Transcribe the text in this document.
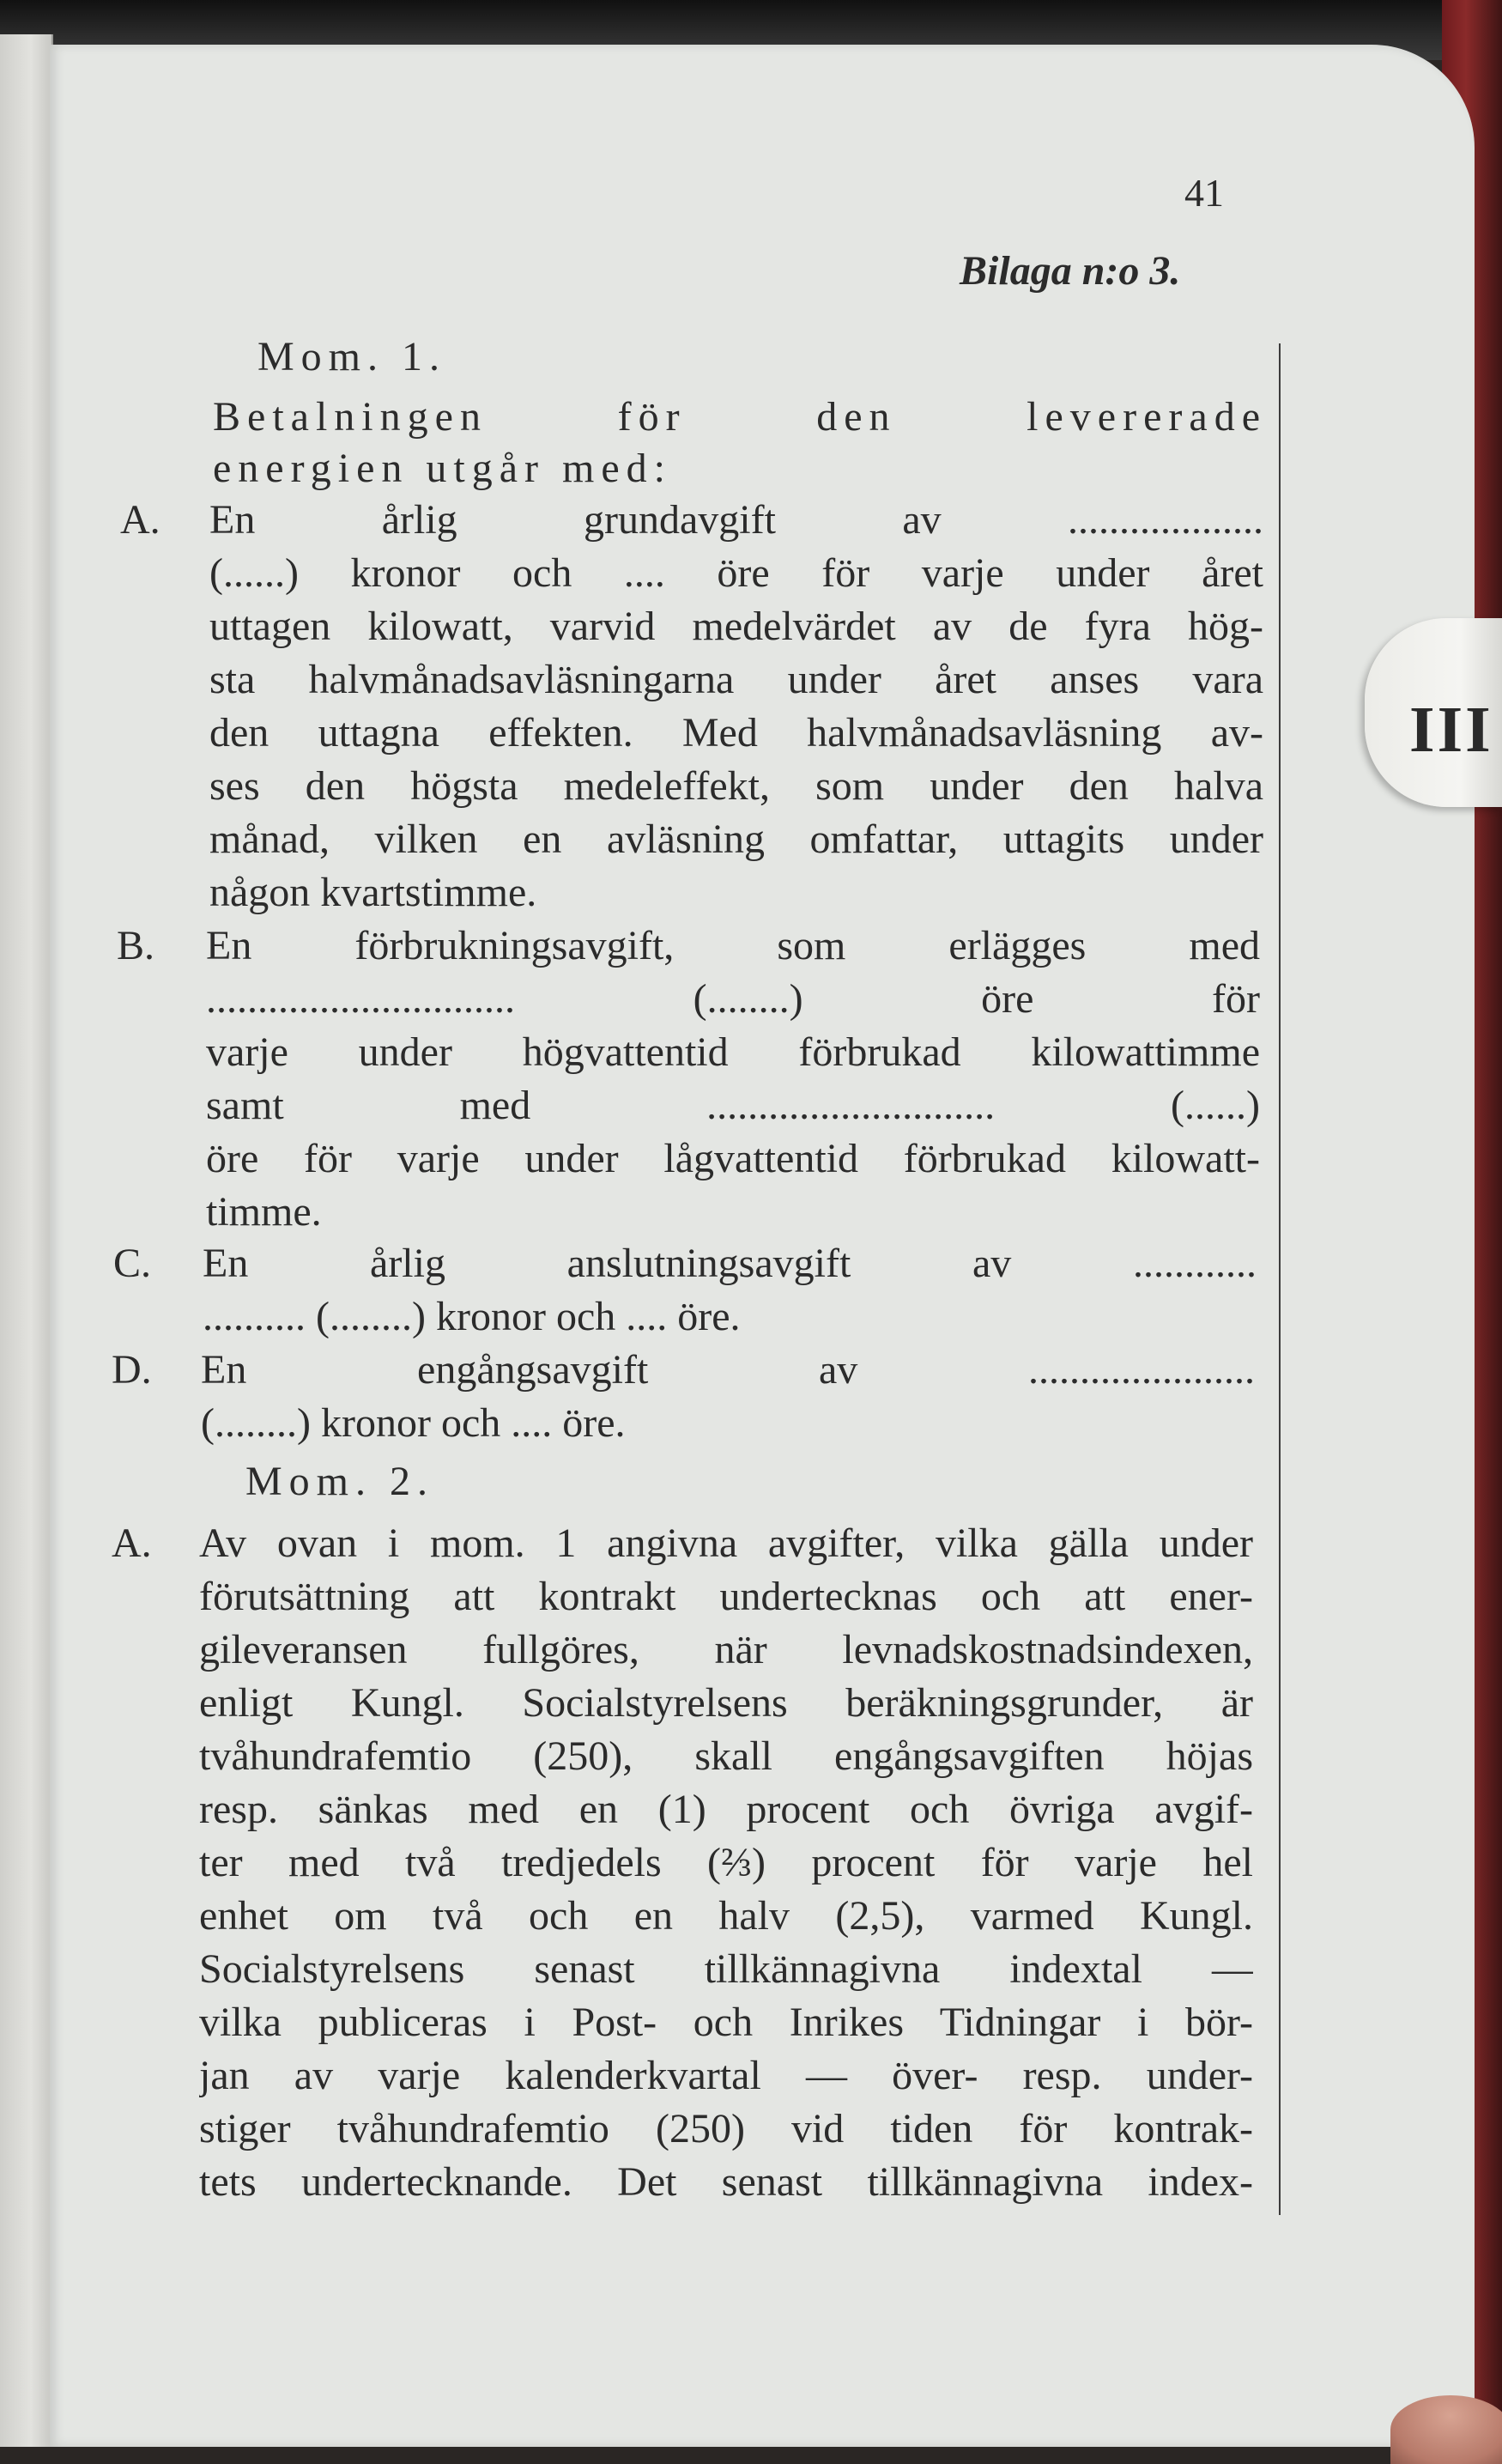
41
Bilaga n:o 3.
III
Mom. 1.
Betalningen för den levererade
energien utgår med:
A. En årlig grundavgift av ...................
(......) kronor och .... öre för varje under året
uttagen kilowatt, varvid medelvärdet av de fyra hög-
sta halvmånadsavläsningarna under året anses vara
den uttagna effekten. Med halvmånadsavläsning av-
ses den högsta medeleffekt, som under den halva
månad, vilken en avläsning omfattar, uttagits under
någon kvartstimme.
B. En förbrukningsavgift, som erlägges med
.............................. (........) öre för
varje under högvattentid förbrukad kilowattimme
samt med ............................ (......)
öre för varje under lågvattentid förbrukad kilowatt-
timme.
C. En årlig anslutningsavgift av ............
.......... (........) kronor och .... öre.
D. En engångsavgift av ......................
(........) kronor och .... öre.
Mom. 2.
A. Av ovan i mom. 1 angivna avgifter, vilka gälla under
förutsättning att kontrakt undertecknas och att ener-
gileveransen fullgöres, när levnadskostnadsindexen,
enligt Kungl. Socialstyrelsens beräkningsgrunder, är
tvåhundrafemtio (250), skall engångsavgiften höjas
resp. sänkas med en (1) procent och övriga avgif-
ter med två tredjedels (⅔) procent för varje hel
enhet om två och en halv (2,5), varmed Kungl.
Socialstyrelsens senast tillkännagivna indextal —
vilka publiceras i Post- och Inrikes Tidningar i bör-
jan av varje kalenderkvartal — över- resp. under-
stiger tvåhundrafemtio (250) vid tiden för kontrak-
tets undertecknande. Det senast tillkännagivna index-
